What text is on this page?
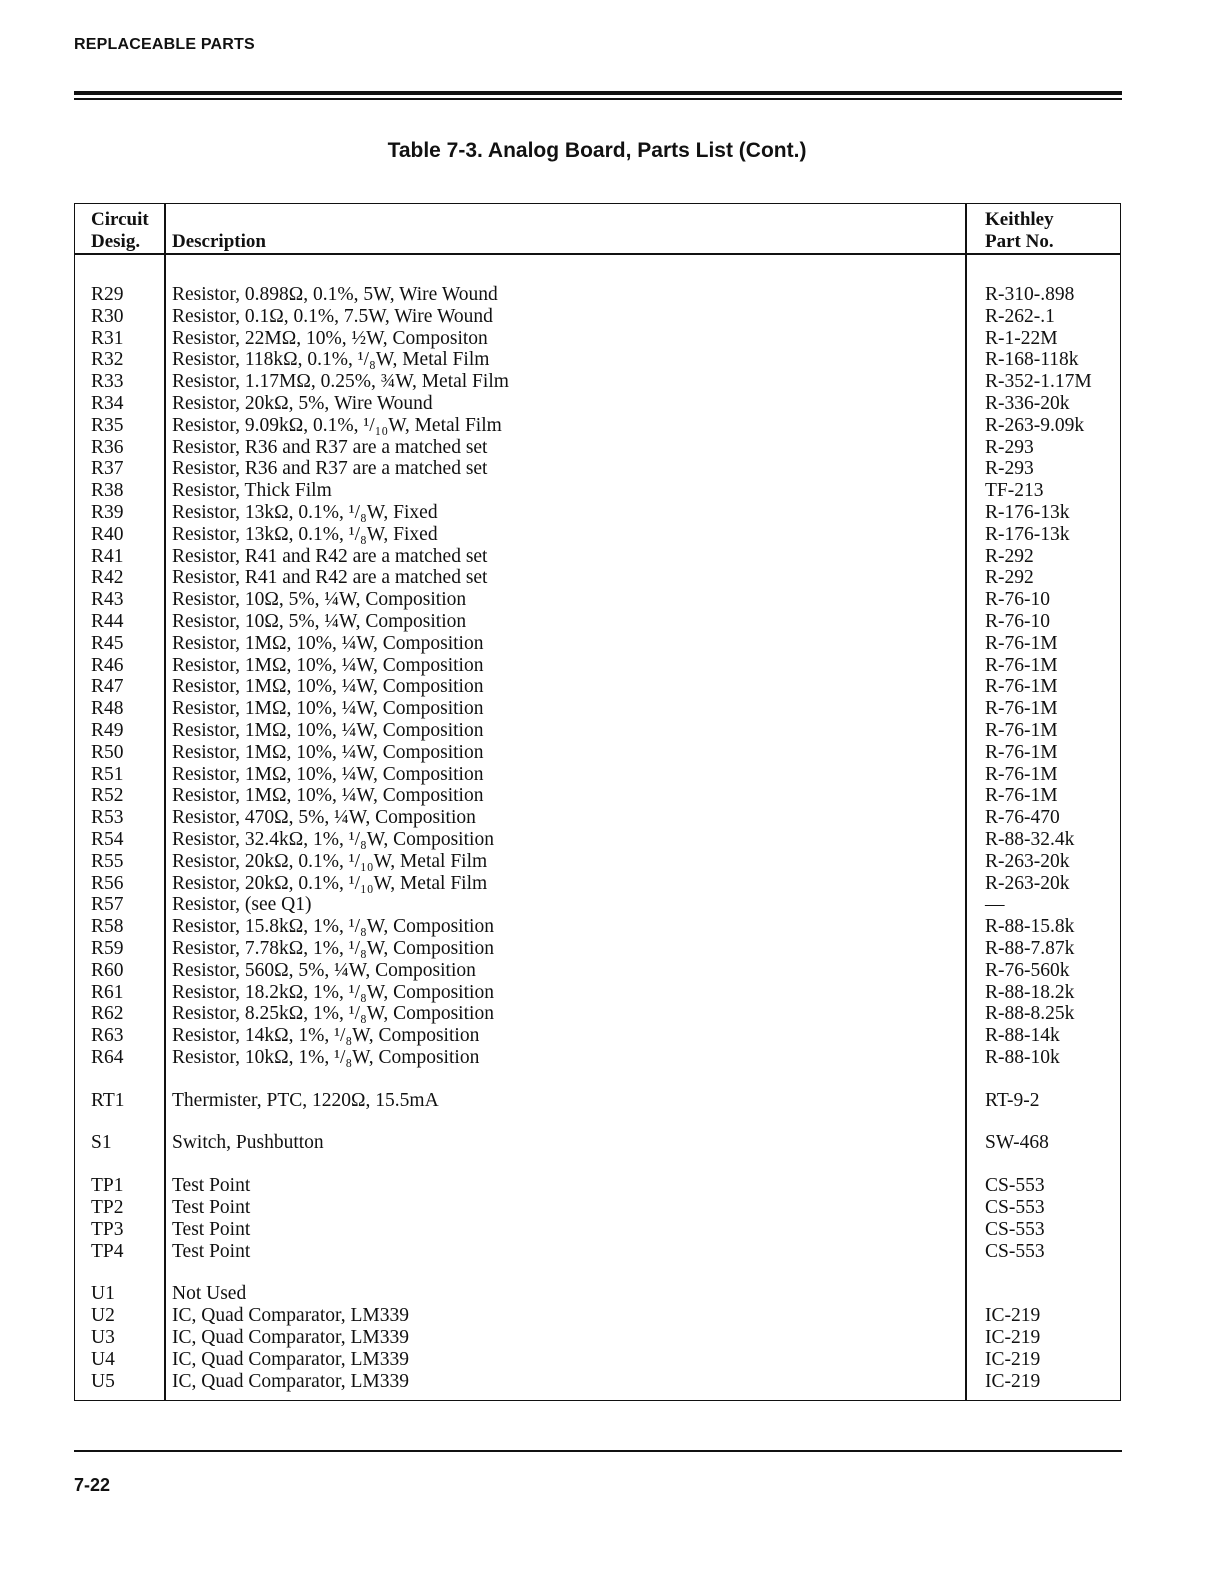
REPLACEABLE PARTS
Table 7-3. Analog Board, Parts List (Cont.)
Circuit
Desig.	Description
Keithley
Part No.
R29 Resistor, 0.898Ω, 0.1%, 5W, Wire Wound	R-310-.898
R30 Resistor, 0.1Ω, 0.1%, 7.5W, Wire Wound	R-262-.1
R31 Resistor, 22MΩ, 10%, ½W, Compositon	R-1-22M
R32 Resistor, 118kΩ, 0.1%, ¹/₈W, Metal Film	R-168-118k
R33 Resistor, 1.17MΩ, 0.25%, ¾W, Metal Film	R-352-1.17M
R34 Resistor, 20kΩ, 5%, Wire Wound	R-336-20k
R35 Resistor, 9.09kΩ, 0.1%, ¹/₁₀W, Metal Film	R-263-9.09k
R36 Resistor, R36 and R37 are a matched set	R-293
R37 Resistor, R36 and R37 are a matched set	R-293
R38 Resistor, Thick Film	TF-213
R39 Resistor, 13kΩ, 0.1%, ¹/₈W, Fixed	R-176-13k
R40 Resistor, 13kΩ, 0.1%, ¹/₈W, Fixed	R-176-13k
R41 Resistor, R41 and R42 are a matched set	R-292
R42 Resistor, R41 and R42 are a matched set	R-292
R43 Resistor, 10Ω, 5%, ¼W, Composition	R-76-10
R44 Resistor, 10Ω, 5%, ¼W, Composition	R-76-10
R45 Resistor, 1MΩ, 10%, ¼W, Composition	R-76-1M
R46 Resistor, 1MΩ, 10%, ¼W, Composition	R-76-1M
R47 Resistor, 1MΩ, 10%, ¼W, Composition	R-76-1M
R48 Resistor, 1MΩ, 10%, ¼W, Composition	R-76-1M
R49 Resistor, 1MΩ, 10%, ¼W, Composition	R-76-1M
R50 Resistor, 1MΩ, 10%, ¼W, Composition	R-76-1M
R51 Resistor, 1MΩ, 10%, ¼W, Composition	R-76-1M
R52 Resistor, 1MΩ, 10%, ¼W, Composition	R-76-1M
R53 Resistor, 470Ω, 5%, ¼W, Composition	R-76-470
R54 Resistor, 32.4kΩ, 1%, ¹/₈W, Composition	R-88-32.4k
R55 Resistor, 20kΩ, 0.1%, ¹/₁₀W, Metal Film	R-263-20k
R56 Resistor, 20kΩ, 0.1%, ¹/₁₀W, Metal Film	R-263-20k
R57 Resistor, (see Q1)	—
R58 Resistor, 15.8kΩ, 1%, ¹/₈W, Composition	R-88-15.8k
R59 Resistor, 7.78kΩ, 1%, ¹/₈W, Composition	R-88-7.87k
R60 Resistor, 560Ω, 5%, ¼W, Composition	R-76-560k
R61 Resistor, 18.2kΩ, 1%, ¹/₈W, Composition	R-88-18.2k
R62 Resistor, 8.25kΩ, 1%, ¹/₈W, Composition	R-88-8.25k
R63 Resistor, 14kΩ, 1%, ¹/₈W, Composition	R-88-14k
R64 Resistor, 10kΩ, 1%, ¹/₈W, Composition	R-88-10k
RT1 Thermister, PTC, 1220Ω, 15.5mA	RT-9-2
S1	Switch, Pushbutton	SW-468
TP1 Test Point	CS-553
TP2 Test Point	CS-553
TP3 Test Point	CS-553
TP4 Test Point	CS-553
U1	Not Used
U2	IC, Quad Comparator, LM339	IC-219
U3	IC, Quad Comparator, LM339	IC-219
U4	IC, Quad Comparator, LM339	IC-219
U5	IC, Quad Comparator, LM339	IC-219
7-22
